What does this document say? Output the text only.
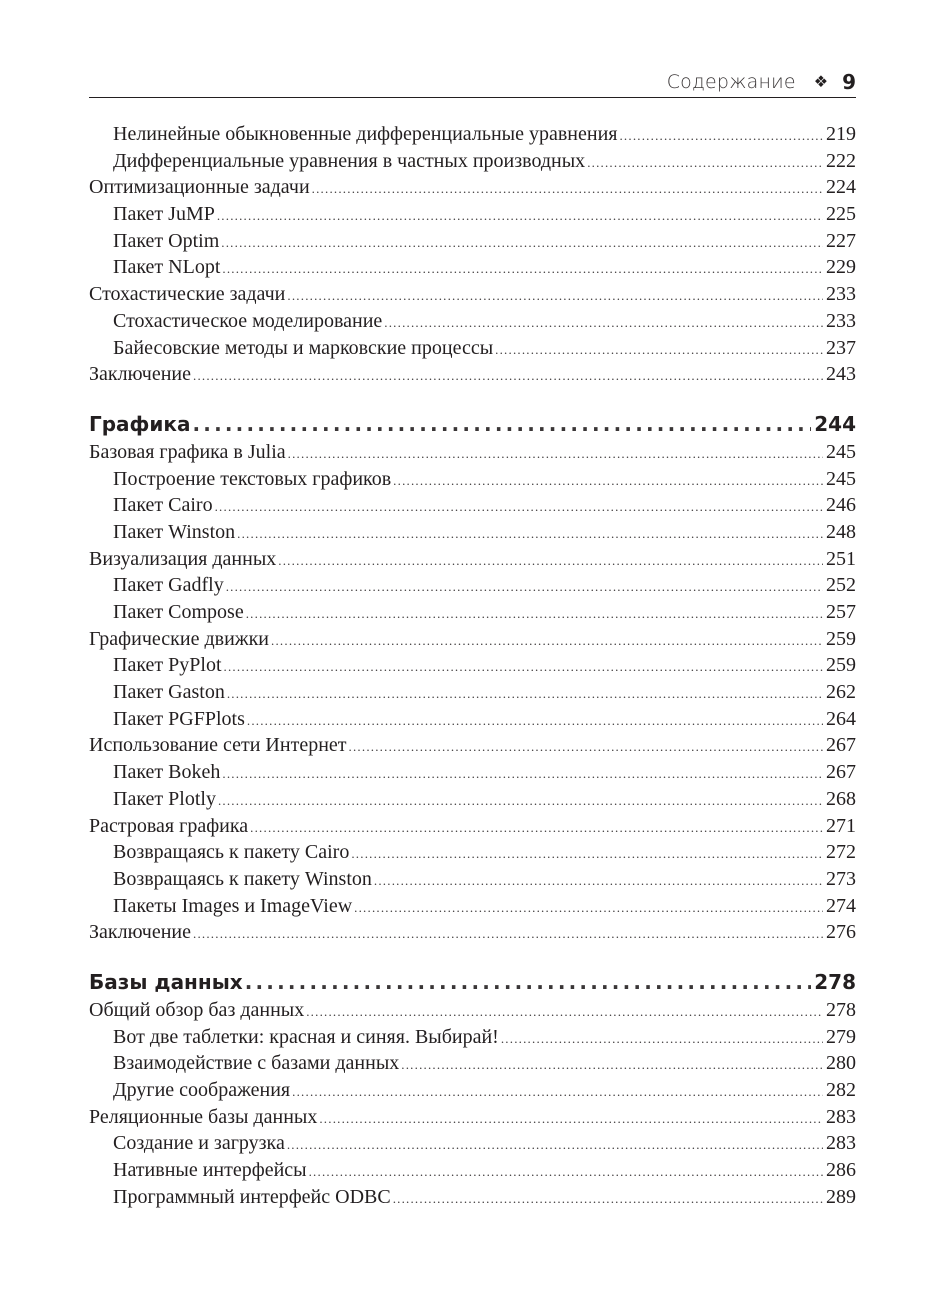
Содержание ❖ 9
Нелинейные обыкновенные дифференциальные уравнения .....	219
Дифференциальные уравнения в частных производных .....	222
Оптимизационные задачи .....	224
Пакет JuMP .....	225
Пакет Optim .....	227
Пакет NLopt .....	229
Стохастические задачи .....	233
Стохастическое моделирование .....	233
Байесовские методы и марковские процессы .....	237
Заключение .....	243
Графика .....	244
Базовая графика в Julia .....	245
Построение текстовых графиков .....	245
Пакет Cairo .....	246
Пакет Winston .....	248
Визуализация данных .....	251
Пакет Gadfly .....	252
Пакет Compose .....	257
Графические движки .....	259
Пакет PyPlot .....	259
Пакет Gaston .....	262
Пакет PGFPlots .....	264
Использование сети Интернет .....	267
Пакет Bokeh .....	267
Пакет Plotly .....	268
Растровая графика .....	271
Возвращаясь к пакету Cairo .....	272
Возвращаясь к пакету Winston .....	273
Пакеты Images и ImageView .....	274
Заключение .....	276
Базы данных .....	278
Общий обзор баз данных .....	278
Вот две таблетки: красная и синяя. Выбирай! .....	279
Взаимодействие с базами данных .....	280
Другие соображения .....	282
Реляционные базы данных .....	283
Создание и загрузка .....	283
Нативные интерфейсы .....	286
Программный интерфейс ODBC .....	289
